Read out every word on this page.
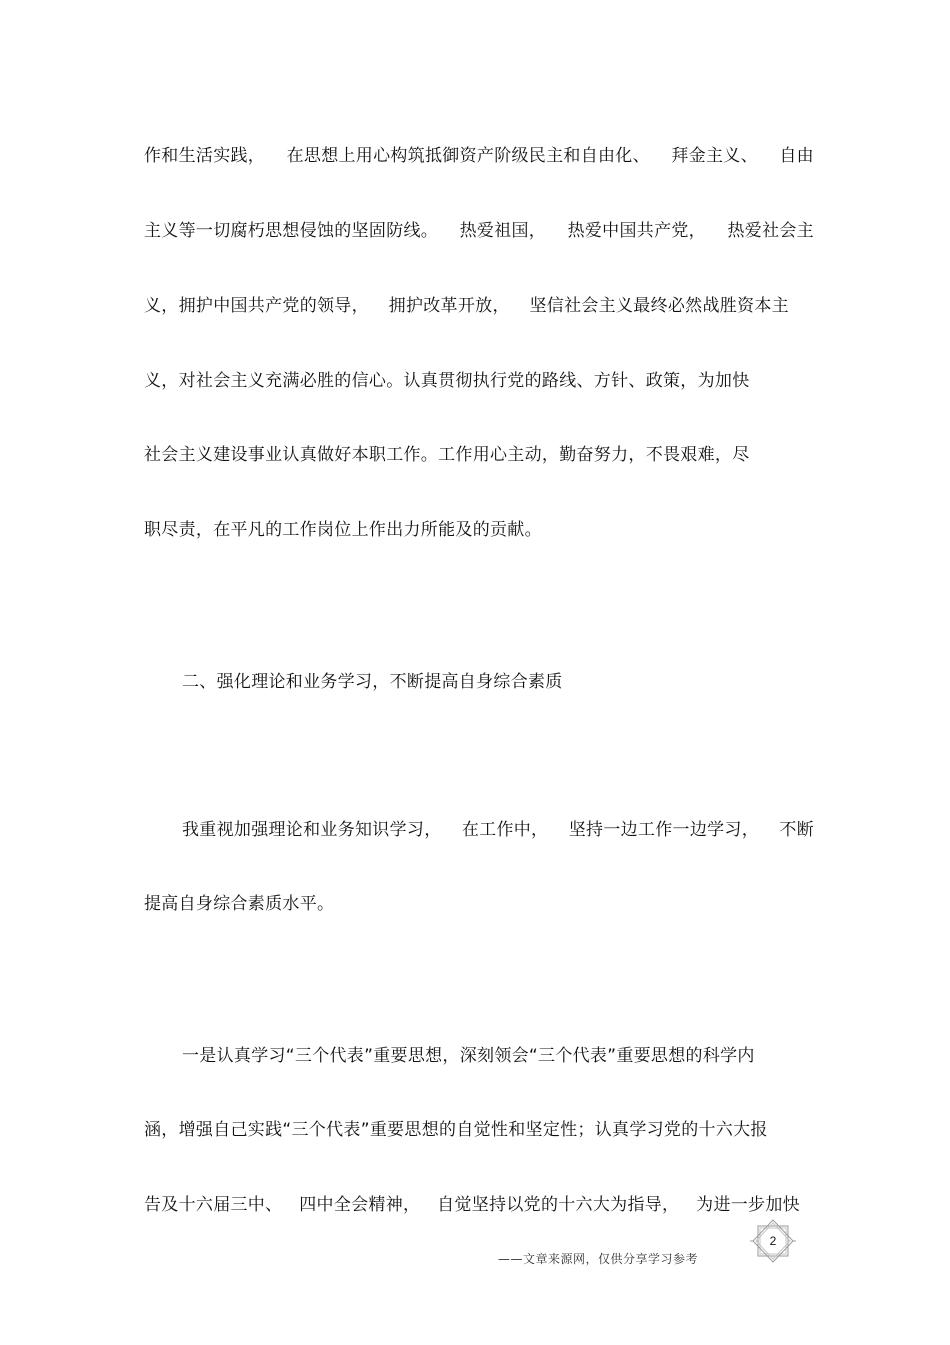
作和生活实践， 在思想上用心构筑抵御资产阶级民主和自由化、 拜金主义、 自由
主义等一切腐朽思想侵蚀的坚固防线。 热爱祖国， 热爱中国共产党， 热爱社会主
义，拥护中国共产党的领导， 拥护改革开放， 坚信社会主义最终必然战胜资本主
义，对社会主义充满必胜的信心。认真贯彻执行党的路线、方针、政策，为加快
社会主义建设事业认真做好本职工作。工作用心主动，勤奋努力，不畏艰难，尽
职尽责，在平凡的工作岗位上作出力所能及的贡献。
二、强化理论和业务学习，不断提高自身综合素质
我重视加强理论和业务知识学习， 在工作中， 坚持一边工作一边学习， 不断
提高自身综合素质水平。
一是认真学习“三个代表”重要思想，深刻领会“三个代表”重要思想的科学内
涵，增强自己实践“三个代表”重要思想的自觉性和坚定性；认真学习党的十六大报
告及十六届三中、 四中全会精神， 自觉坚持以党的十六大为指导， 为进一步加快
——文章来源网，仅供分享学习参考
2
